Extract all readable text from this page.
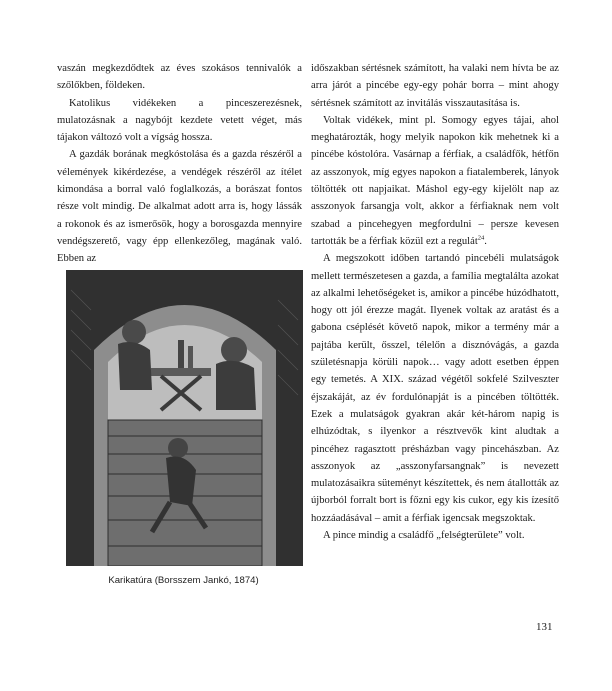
vaszán megkezdődtek az éves szokásos tennivalók a szőlőkben, földeken.

Katolikus vidékeken a pinceszerezésnek, mulatozásnak a nagybójt kezdete vetett véget, más tájakon változó volt a vígság hossza.

A gazdák borának megkóstolása és a gazda részéről a vélemények kikérdezése, a vendégek részéről az ítélet kimondása a borral való foglalkozás, a borászat fontos része volt mindig. De alkalmat adott arra is, hogy lássák a rokonok és az ismerősök, hogy a borosgazda mennyire vendégszerető, vagy épp ellenkezőleg, magának való. Ebben az

Karikatúra (Borsszem Jankó, 1874)

időszakban sértésnek számított, ha valaki nem hívta be az arra járót a pincébe egy-egy pohár borra – mint ahogy sértésnek számított az invitálás visszautasítása is.

Voltak vidékek, mint pl. Somogy egyes tájai, ahol meghatározták, hogy melyik napokon kik mehetnek ki a pincébe kóstolóra. Vasárnap a férfiak, a családfők, hétfőn az asszonyok, míg egyes napokon a fiatalemberek, lányok töltötték ott napjaikat. Máshol egy-egy kijelölt nap az asszonyok farsangja volt, akkor a férfiaknak nem volt szabad a pincehegyen megfordulni – persze kevesen tartották be a férfiak közül ezt a regulát$^{24}$.

A megszokott időben tartandó pincebéli mulatságok mellett természetesen a gazda, a família megtalálta azokat az alkalmi lehetőségeket is, amikor a pincébe húzódhatott, hogy ott jól érezze magát. Ilyenek voltak az aratást és a gabona cséplését követő napok, mikor a termény már a pajtába került, ősszel, télelőn a disznóvágás, a gazda születésnapja körüli napok… vagy adott esetben éppen egy temetés. A XIX. század végétől sokfelé Szilveszter éjszakáját, az év fordulónapját is a pincében töltötték. Ezek a mulatságok gyakran akár két-három napig is elhúzódtak, s ilyenkor a résztvevők kint aludtak a pincéhez ragasztott présházban vagy pincehászban. Az asszonyok az „asszonyfarsangnak” is nevezett mulatozásaikra süteményt készítettek, és nem átallották az újborból forralt bort is főzni egy kis cukor, egy kis ízesítő hozzáadásával – amit a férfiak igencsak megszoktak.

A pince mindig a családfő „felségterülete” volt.

131
